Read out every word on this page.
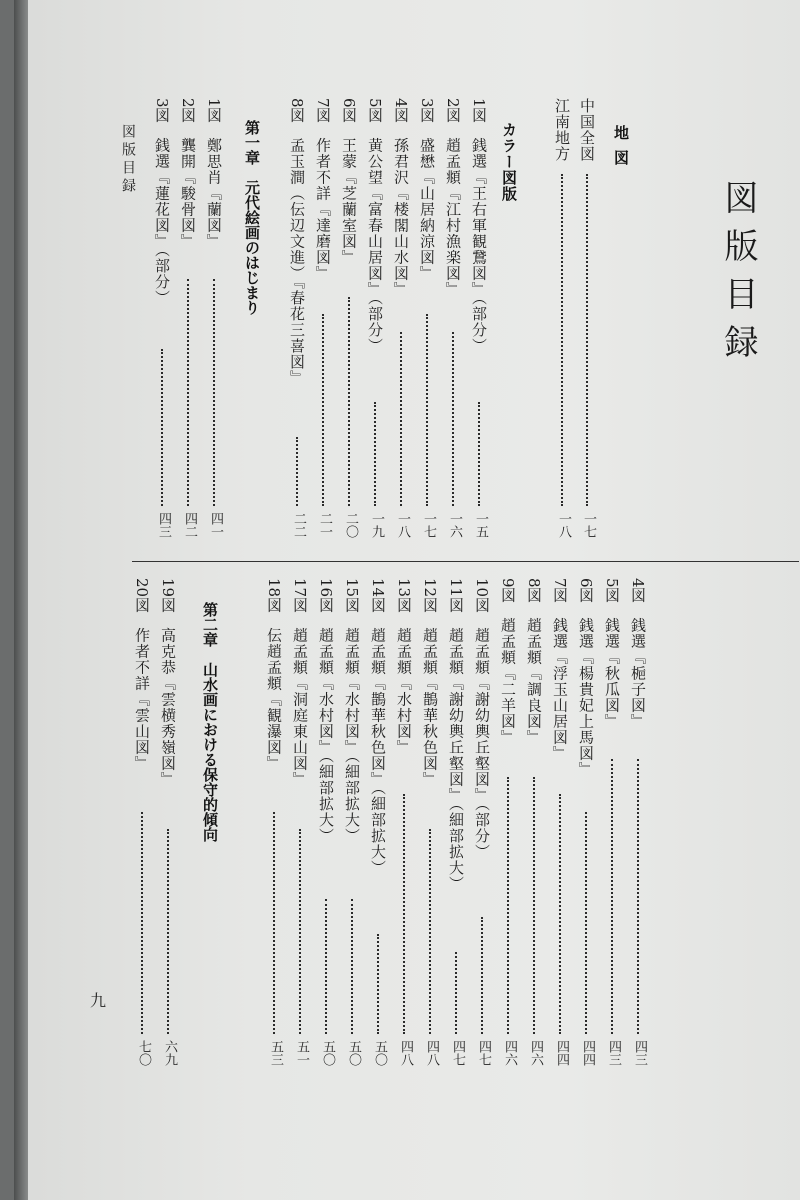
図版目録
地図
カラー図版
第一章　元代絵画のはじまり
第二章　山水画における保守的傾向
図版目録
九
中国全図
一七
江南地方
一八
1図　銭選『王右軍観鵞図』（部分）
一五
2図　趙孟頫『江村漁楽図』
一六
3図　盛懋『山居納涼図』
一七
4図　孫君沢『楼閣山水図』
一八
5図　黄公望『富春山居図』（部分）
一九
6図　王蒙『芝蘭室図』
二〇
7図　作者不詳『達磨図』
二一
8図　孟玉澗（伝辺文進）『春花三喜図』
二二
1図　鄭思肖『蘭図』
四一
2図　龔開『駿骨図』
四二
3図　銭選『蓮花図』（部分）
四三
4図　銭選『梔子図』
四三
5図　銭選『秋瓜図』
四三
6図　銭選『楊貴妃上馬図』
四四
7図　銭選『浮玉山居図』
四四
8図　趙孟頫『調良図』
四六
9図　趙孟頫『二羊図』
四六
10図　趙孟頫『謝幼輿丘壑図』（部分）
四七
11図　趙孟頫『謝幼輿丘壑図』（細部拡大）
四七
12図　趙孟頫『鵲華秋色図』
四八
13図　趙孟頫『水村図』
四八
14図　趙孟頫『鵲華秋色図』（細部拡大）
五〇
15図　趙孟頫『水村図』（細部拡大）
五〇
16図　趙孟頫『水村図』（細部拡大）
五〇
17図　趙孟頫『洞庭東山図』
五一
18図　伝趙孟頫『観瀑図』
五三
19図　高克恭『雲横秀嶺図』
六九
20図　作者不詳『雲山図』
七〇
